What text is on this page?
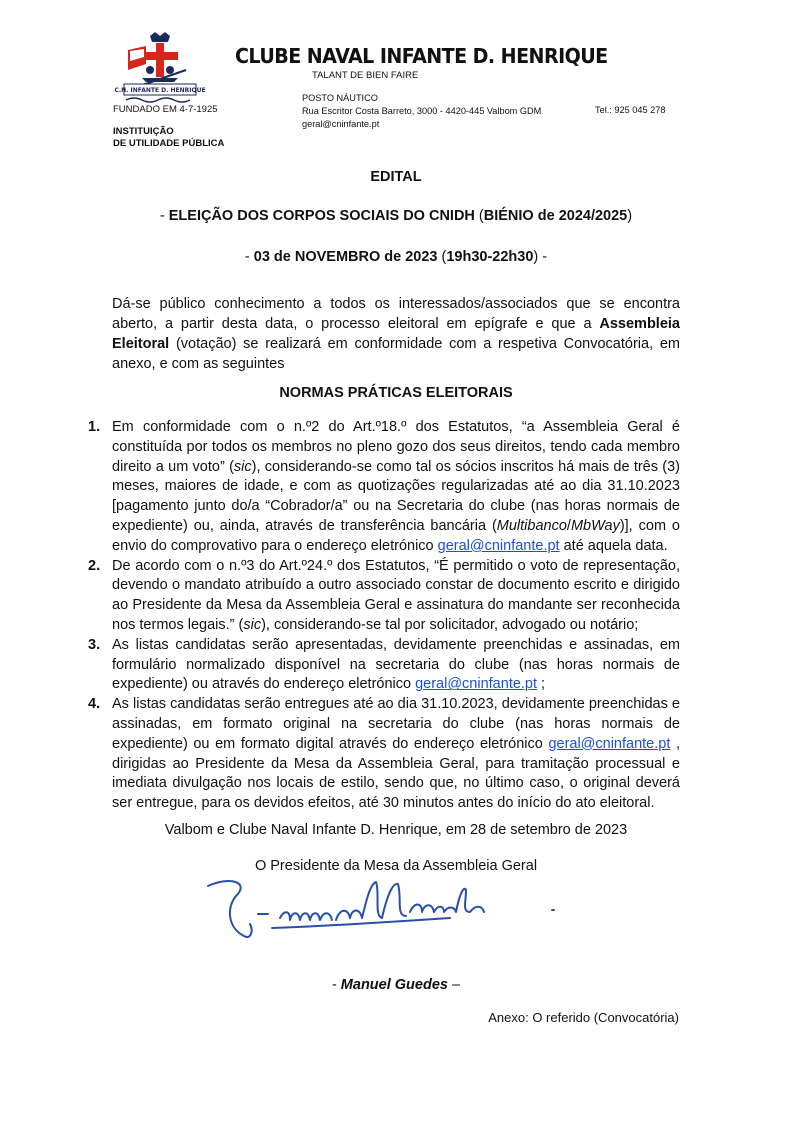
C.N. INFANTE D. HENRIQUE
CLUBE NAVAL INFANTE D. HENRIQUE
TALANT DE BIEN FAIRE
FUNDADO EM 4-7-1925
POSTO NÁUTICO
Rua Escritor Costa Barreto, 3000 - 4420-445 Valbom GDM
geral@cninfante.pt
Tel.: 925 045 278
INSTITUIÇÃO
DE UTILIDADE PÚBLICA
EDITAL
- ELEIÇÃO DOS CORPOS SOCIAIS DO CNIDH (BIÉNIO de 2024/2025)
- 03 de NOVEMBRO de 2023 (19h30-22h30) -
Dá-se público conhecimento a todos os interessados/associados que se encontra aberto, a partir desta data, o processo eleitoral em epígrafe e que a Assembleia Eleitoral (votação) se realizará em conformidade com a respetiva Convocatória, em anexo, e com as seguintes
NORMAS PRÁTICAS ELEITORAIS
1. Em conformidade com o n.º2 do Art.º18.º dos Estatutos, “a Assembleia Geral é constituída por todos os membros no pleno gozo dos seus direitos, tendo cada membro direito a um voto” (sic), considerando-se como tal os sócios inscritos há mais de três (3) meses, maiores de idade, e com as quotizações regularizadas até ao dia 31.10.2023 [pagamento junto do/a “Cobrador/a” ou na Secretaria do clube (nas horas normais de expediente) ou, ainda, através de transferência bancária (Multibanco/MbWay)], com o envio do comprovativo para o endereço eletrónico geral@cninfante.pt até aquela data.
2. De acordo com o n.º3 do Art.º24.º dos Estatutos, “É permitido o voto de representação, devendo o mandato atribuído a outro associado constar de documento escrito e dirigido ao Presidente da Mesa da Assembleia Geral e assinatura do mandante ser reconhecida nos termos legais.” (sic), considerando-se tal por solicitador, advogado ou notário;
3. As listas candidatas serão apresentadas, devidamente preenchidas e assinadas, em formulário normalizado disponível na secretaria do clube (nas horas normais de expediente) ou através do endereço eletrónico geral@cninfante.pt ;
4. As listas candidatas serão entregues até ao dia 31.10.2023, devidamente preenchidas e assinadas, em formato original na secretaria do clube (nas horas normais de expediente) ou em formato digital através do endereço eletrónico geral@cninfante.pt , dirigidas ao Presidente da Mesa da Assembleia Geral, para tramitação processual e imediata divulgação nos locais de estilo, sendo que, no último caso, o original deverá ser entregue, para os devidos efeitos, até 30 minutos antes do início do ato eleitoral.
Valbom e Clube Naval Infante D. Henrique, em 28 de setembro de 2023
O Presidente da Mesa da Assembleia Geral
- Manuel Guedes –
Anexo: O referido (Convocatória)
